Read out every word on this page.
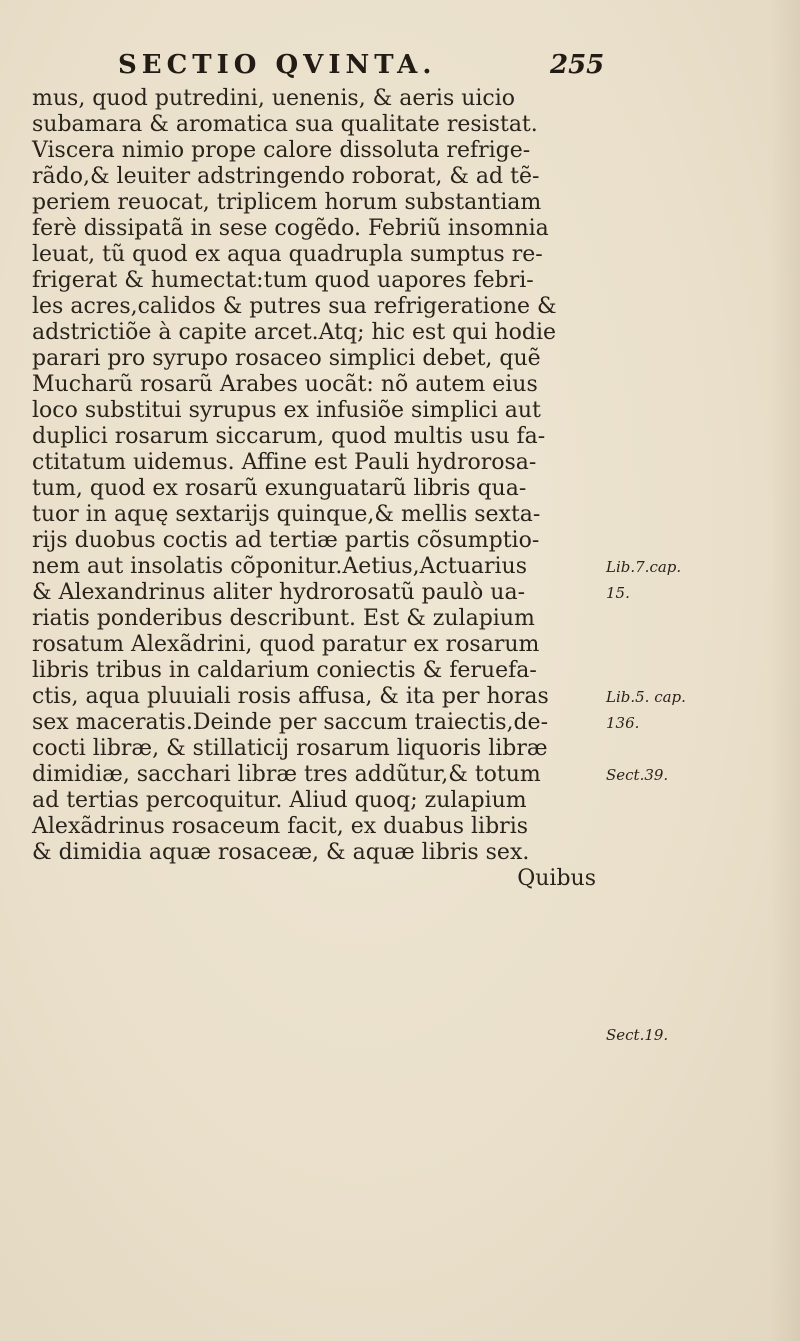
SECTIO QVINTA.	255
mus, quod putredini, uenenis, & aeris uicio
subamara & aromatica sua qualitate resistat.
Viscera nimio prope calore dissoluta refrige-
rãdo,& leuiter adstringendo roborat, & ad tẽ-
periem reuocat, triplicem horum substantiam
ferè dissipatã in sese cogẽdo. Febriũ insomnia
leuat, tũ quod ex aqua quadrupla sumptus re-
frigerat & humectat:tum quod uapores febri-
les acres,calidos & putres sua refrigeratione &
adstrictiõe à capite arcet.Atq; hic est qui hodie
parari pro syrupo rosaceo simplici debet, quẽ
Mucharũ rosarũ Arabes uocãt: nõ autem eius
loco substitui syrupus ex infusiõe simplici aut
duplici rosarum siccarum, quod multis usu fa-
ctitatum uidemus. Affine est Pauli hydrorosa-
tum, quod ex rosarũ exunguatarũ libris qua-
tuor in aquę sextarijs quinque,& mellis sexta-
rijs duobus coctis ad tertiæ partis cõsumptio-
nem aut insolatis cõponitur.Aetius,Actuarius
& Alexandrinus aliter hydrorosatũ paulò ua-
riatis ponderibus describunt. Est & zulapium
rosatum Alexãdrini, quod paratur ex rosarum
libris tribus in caldarium coniectis & feruefa-
ctis, aqua pluuiali rosis affusa, & ita per horas
sex maceratis.Deinde per saccum traiectis,de-
cocti libræ, & stillaticij rosarum liquoris libræ
dimidiæ, sacchari libræ tres addũtur,& totum
ad tertias percoquitur. Aliud quoq; zulapium
Alexãdrinus rosaceum facit, ex duabus libris
& dimidia aquæ rosaceæ, & aquæ libris sex.
Quibus
Lib.7.cap.
15.
Lib.5. cap.
136.
Sect.39.
Sect.19.
